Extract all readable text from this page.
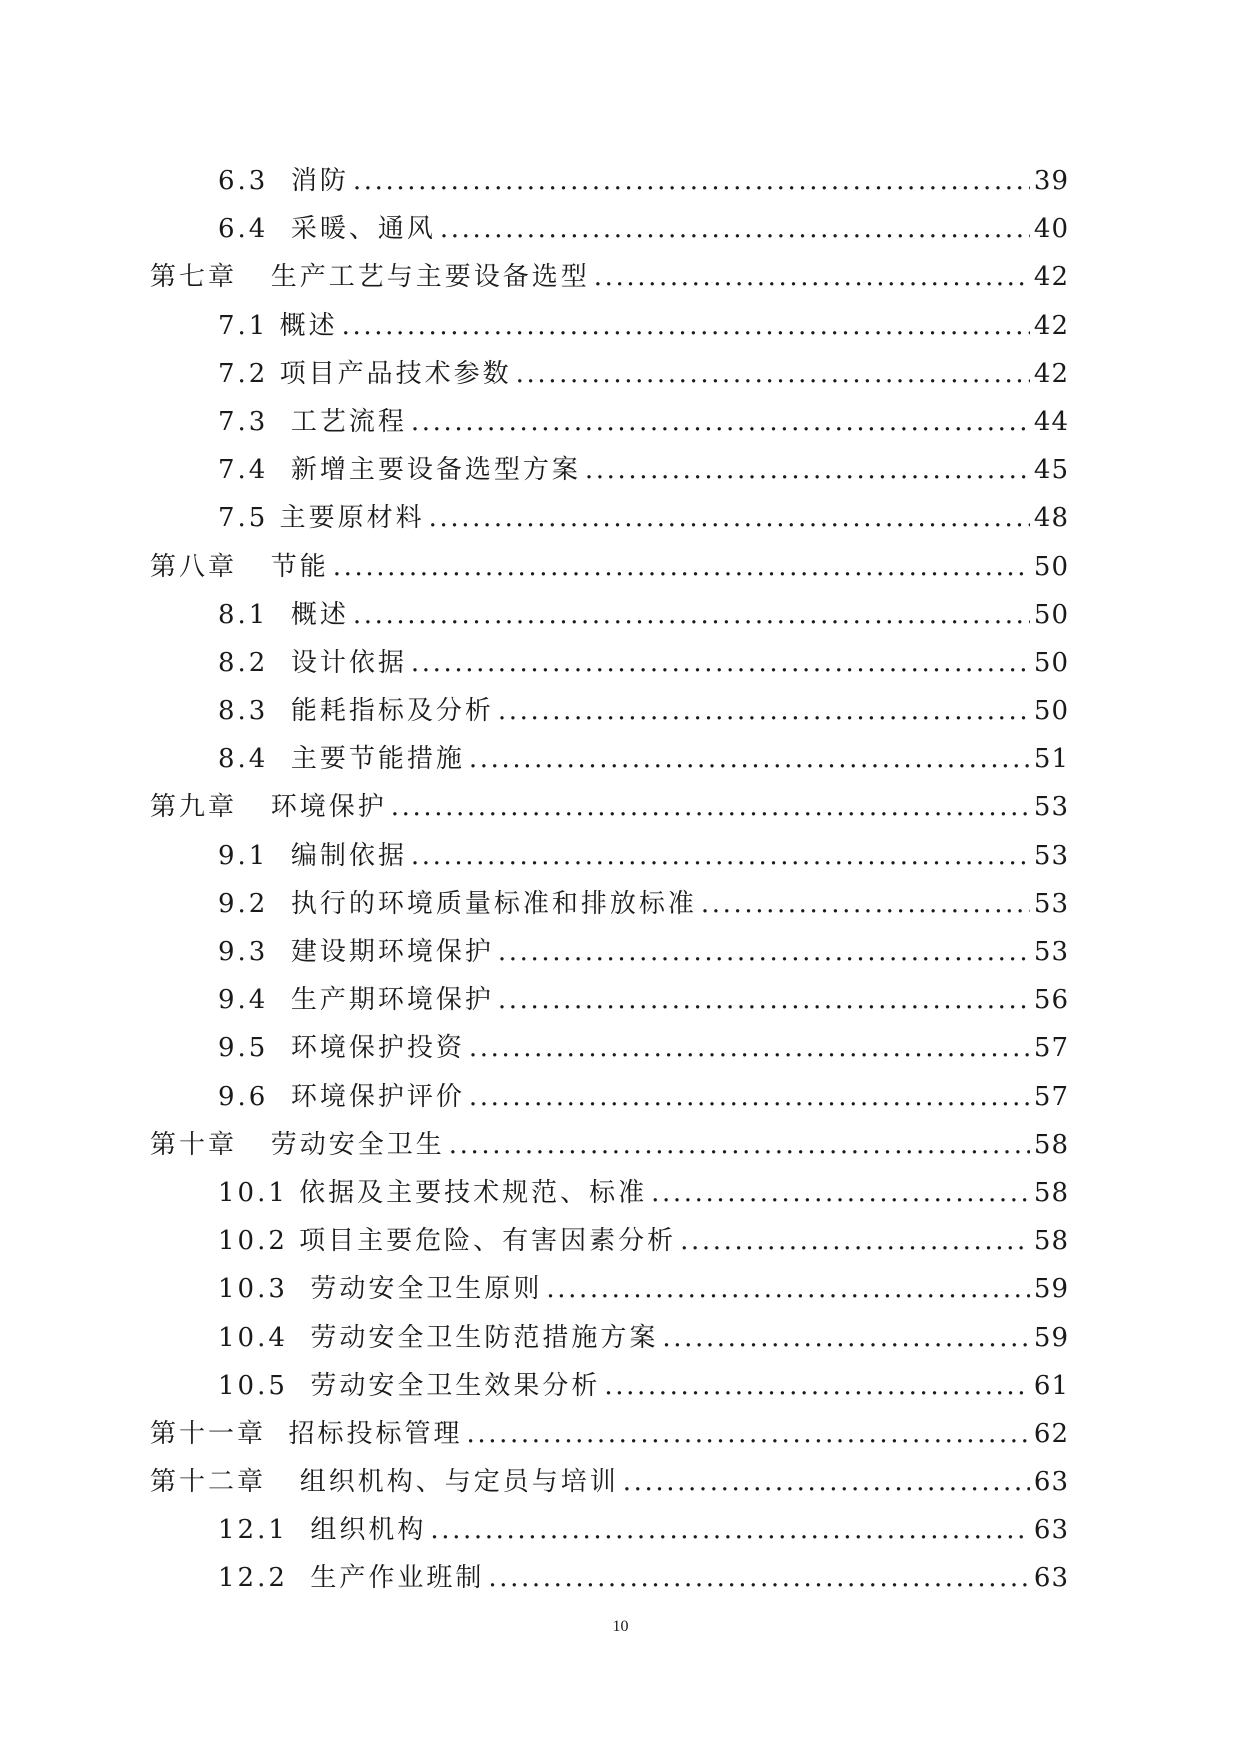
6.3  消防 .....	39
6.4  采暖、通风 .....	40
第七章   生产工艺与主要设备选型 .....	42
7.1 概述 .....	42
7.2 项目产品技术参数 .....	42
7.3  工艺流程 .....	44
7.4  新增主要设备选型方案 .....	45
7.5 主要原材料 .....	48
第八章   节能 .....	50
8.1  概述 .....	50
8.2  设计依据 .....	50
8.3  能耗指标及分析 .....	50
8.4  主要节能措施 .....	51
第九章   环境保护 .....	53
9.1  编制依据 .....	53
9.2  执行的环境质量标准和排放标准 .....	53
9.3  建设期环境保护 .....	53
9.4  生产期环境保护 .....	56
9.5  环境保护投资 .....	57
9.6  环境保护评价 .....	57
第十章   劳动安全卫生 .....	58
10.1 依据及主要技术规范、标准 .....	58
10.2 项目主要危险、有害因素分析 .....	58
10.3  劳动安全卫生原则 .....	59
10.4  劳动安全卫生防范措施方案 .....	59
10.5  劳动安全卫生效果分析 .....	61
第十一章  招标投标管理 .....	62
第十二章   组织机构、与定员与培训 .....	63
12.1  组织机构 .....	63
12.2  生产作业班制 .....	63
10
